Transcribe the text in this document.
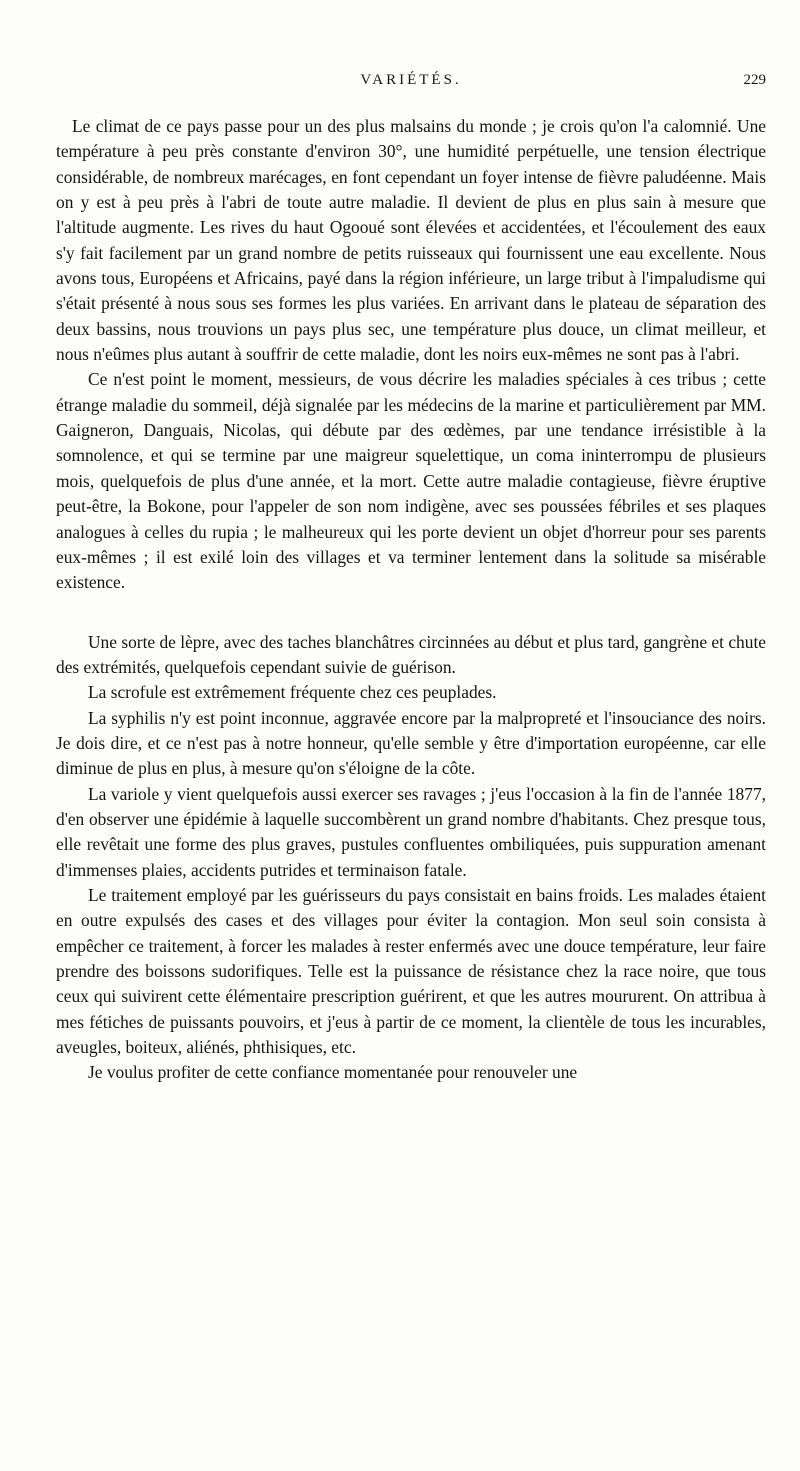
VARIÉTÉS.	229

Le climat de ce pays passe pour un des plus malsains du monde ; je crois qu'on l'a calomnié. Une température à peu près constante d'environ 30°, une humidité perpétuelle, une tension électrique considérable, de nombreux marécages, en font cependant un foyer intense de fièvre paludéenne. Mais on y est à peu près à l'abri de toute autre maladie. Il devient de plus en plus sain à mesure que l'altitude augmente. Les rives du haut Ogooué sont élevées et accidentées, et l'écoulement des eaux s'y fait facilement par un grand nombre de petits ruisseaux qui fournissent une eau excellente. Nous avons tous, Européens et Africains, payé dans la région inférieure, un large tribut à l'impaludisme qui s'était présenté à nous sous ses formes les plus variées. En arrivant dans le plateau de séparation des deux bassins, nous trouvions un pays plus sec, une température plus douce, un climat meilleur, et nous n'eûmes plus autant à souffrir de cette maladie, dont les noirs eux-mêmes ne sont pas à l'abri.

Ce n'est point le moment, messieurs, de vous décrire les maladies spéciales à ces tribus ; cette étrange maladie du sommeil, déjà signalée par les médecins de la marine et particulièrement par MM. Gaigneron, Danguais, Nicolas, qui débute par des œdèmes, par une tendance irrésistible à la somnolence, et qui se termine par une maigreur squelettique, un coma ininterrompu de plusieurs mois, quelquefois de plus d'une année, et la mort. Cette autre maladie contagieuse, fièvre éruptive peut-être, la Bokone, pour l'appeler de son nom indigène, avec ses poussées fébriles et ses plaques analogues à celles du rupia ; le malheureux qui les porte devient un objet d'horreur pour ses parents eux-mêmes ; il est exilé loin des villages et va terminer lentement dans la solitude sa misérable existence.

Une sorte de lèpre, avec des taches blanchâtres circinnées au début et plus tard, gangrène et chute des extrémités, quelquefois cependant suivie de guérison.

La scrofule est extrêmement fréquente chez ces peuplades.

La syphilis n'y est point inconnue, aggravée encore par la malpropreté et l'insouciance des noirs. Je dois dire, et ce n'est pas à notre honneur, qu'elle semble y être d'importation européenne, car elle diminue de plus en plus, à mesure qu'on s'éloigne de la côte.

La variole y vient quelquefois aussi exercer ses ravages ; j'eus l'occasion à la fin de l'année 1877, d'en observer une épidémie à laquelle succombèrent un grand nombre d'habitants. Chez presque tous, elle revêtait une forme des plus graves, pustules confluentes ombiliquées, puis suppuration amenant d'immenses plaies, accidents putrides et terminaison fatale.

Le traitement employé par les guérisseurs du pays consistait en bains froids. Les malades étaient en outre expulsés des cases et des villages pour éviter la contagion. Mon seul soin consista à empêcher ce traitement, à forcer les malades à rester enfermés avec une douce température, leur faire prendre des boissons sudorifiques. Telle est la puissance de résistance chez la race noire, que tous ceux qui suivirent cette élémentaire prescription guérirent, et que les autres moururent. On attribua à mes fétiches de puissants pouvoirs, et j'eus à partir de ce moment, la clientèle de tous les incurables, aveugles, boiteux, aliénés, phthisiques, etc.

Je voulus profiter de cette confiance momentanée pour renouveler une
